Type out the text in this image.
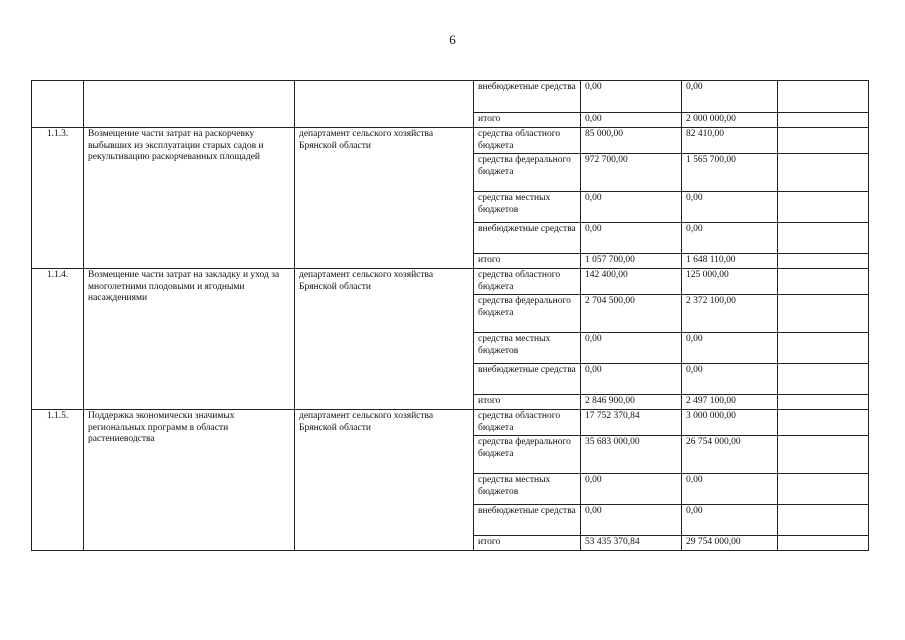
6
			внебюджетные средства	0,00	0,00	
			итого	0,00	2 000 000,00	
1.1.3.	Возмещение части затрат на раскорчевку выбывших из эксплуатации старых садов и рекультивацию раскорчеванных площадей	департамент сельского хозяйства Брянской области	средства областного бюджета	85 000,00	82 410,00	
			средства федерального бюджета	972 700,00	1 565 700,00	
			средства местных бюджетов	0,00	0,00	
			внебюджетные средства	0,00	0,00	
			итого	1 057 700,00	1 648 110,00	
1.1.4.	Возмещение части затрат на закладку и уход за многолетними плодовыми и ягодными насаждениями	департамент сельского хозяйства Брянской области	средства областного бюджета	142 400,00	125 000,00	
			средства федерального бюджета	2 704 500,00	2 372 100,00	
			средства местных бюджетов	0,00	0,00	
			внебюджетные средства	0,00	0,00	
			итого	2 846 900,00	2 497 100,00	
1.1.5.	Поддержка экономически значимых региональных программ в области растениеводства	департамент сельского хозяйства Брянской области	средства областного бюджета	17 752 370,84	3 000 000,00	
			средства федерального бюджета	35 683 000,00	26 754 000,00	
			средства местных бюджетов	0,00	0,00	
			внебюджетные средства	0,00	0,00	
			итого	53 435 370,84	29 754 000,00	
